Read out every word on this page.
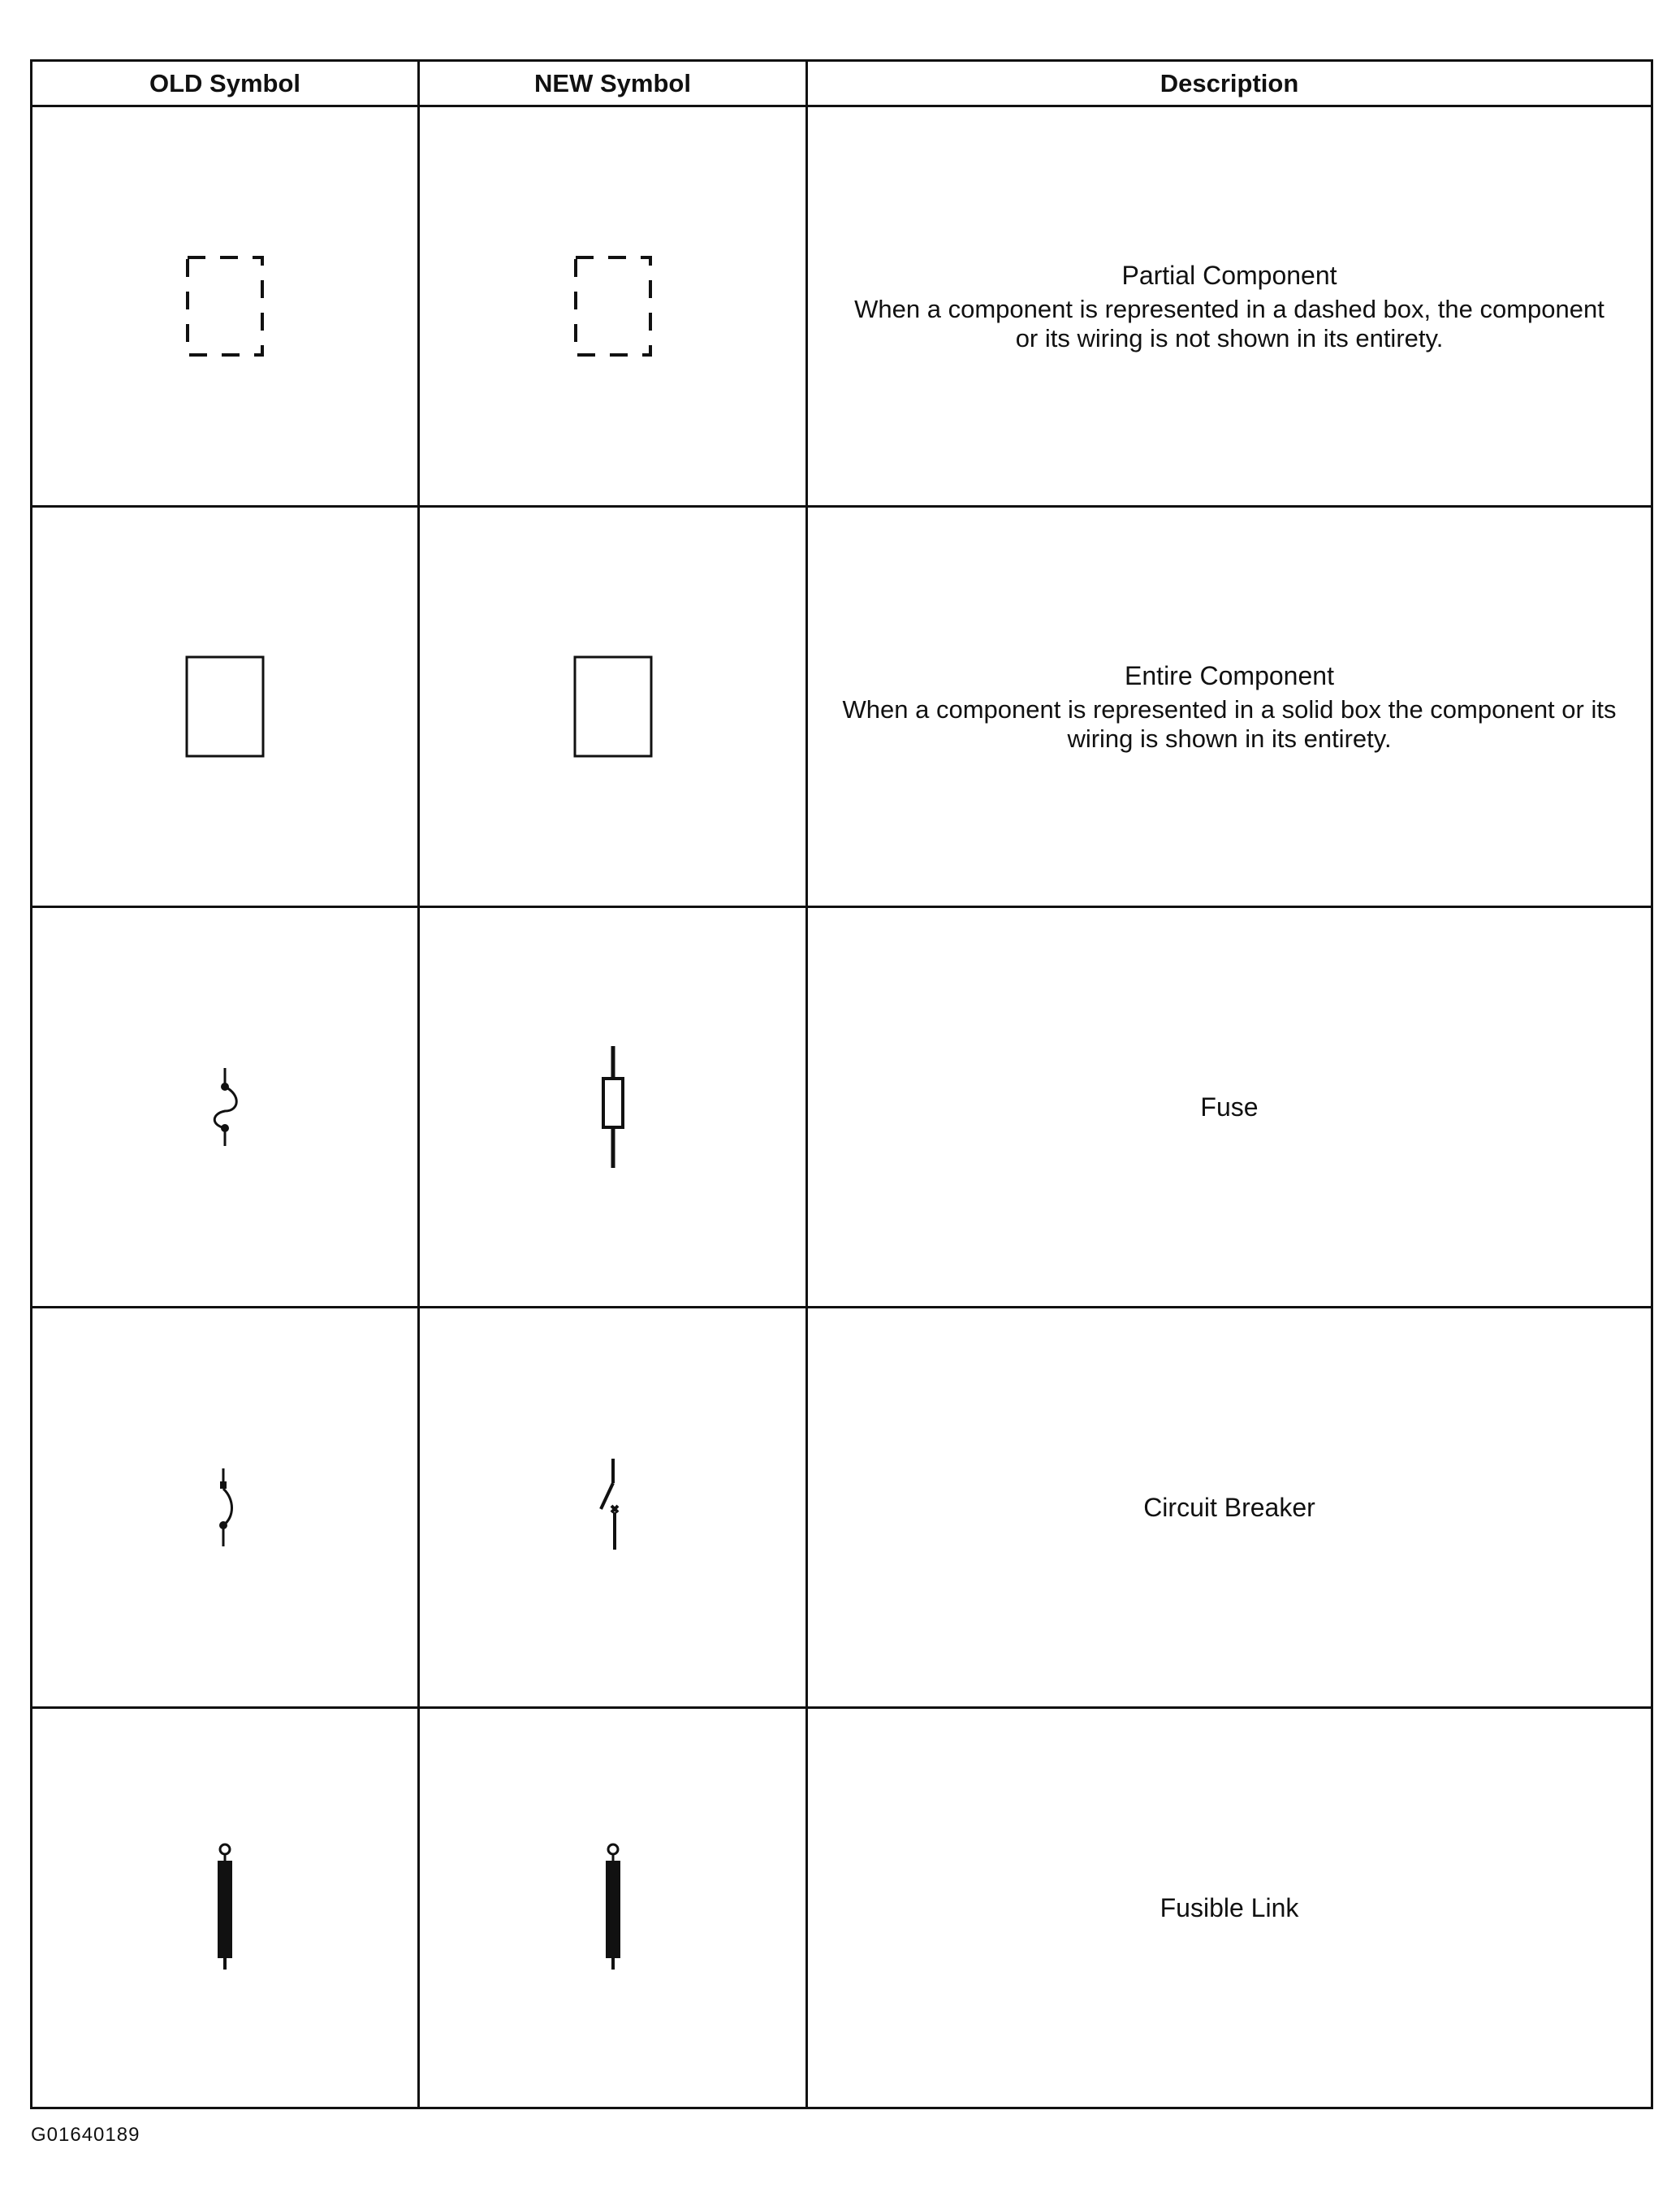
OLD Symbol	NEW Symbol	Description

Partial Component
When a component is represented in a dashed box, the component or its wiring is not shown in its entirety.

Entire Component
When a component is represented in a solid box the component or its wiring is shown in its entirety.

Fuse

Circuit Breaker

Fusible Link
G01640189
